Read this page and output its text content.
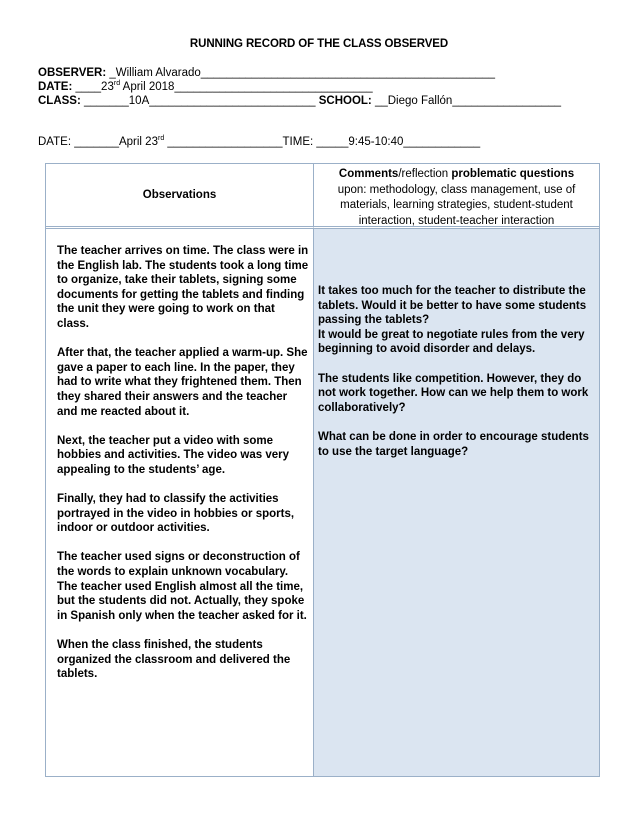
RUNNING RECORD OF THE CLASS OBSERVED
OBSERVER: _William Alvarado______________________________________________
DATE: ____23rd April 2018_______________________________
CLASS: _______10A__________________________ SCHOOL: __Diego Fallón_________________
DATE: _______April 23rd __________________TIME: _____9:45-10:40____________
Observations
Comments/reflection problematic questions
upon: methodology, class management, use of materials, learning strategies, student-student interaction, student-teacher interaction

The teacher arrives on time. The class were in the English lab. The students took a long time to organize, take their tablets, signing some documents for getting the tablets and finding the unit they were going to work on that class.

After that, the teacher applied a warm-up. She gave a paper to each line. In the paper, they had to write what they frightened them. Then they shared their answers and the teacher and me reacted about it.

Next, the teacher put a video with some hobbies and activities. The video was very appealing to the students’ age.

Finally, they had to classify the activities portrayed in the video in hobbies or sports, indoor or outdoor activities.

The teacher used signs or deconstruction of the words to explain unknown vocabulary. The teacher used English almost all the time, but the students did not. Actually, they spoke in Spanish only when the teacher asked for it.

When the class finished, the students organized the classroom and delivered the tablets.

It takes too much for the teacher to distribute the tablets. Would it be better to have some students passing the tablets?

It would be great to negotiate rules from the very beginning to avoid disorder and delays.

The students like competition. However, they do not work together. How can we help them to work collaboratively?

What can be done in order to encourage students to use the target language?
